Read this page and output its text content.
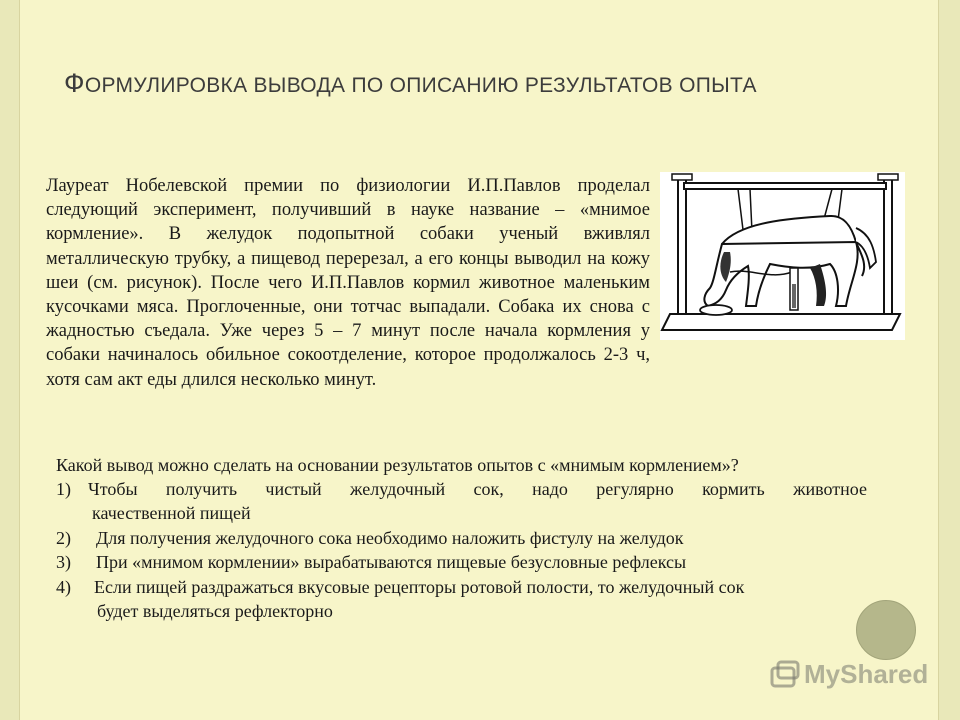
ФОРМУЛИРОВКА ВЫВОДА ПО ОПИСАНИЮ РЕЗУЛЬТАТОВ ОПЫТА
Лауреат Нобелевской премии по физиологии И.П.Павлов проделал следующий эксперимент, получивший в науке название – «мнимое кормление». В желудок подопытной собаки ученый вживлял металлическую трубку, а пищевод перерезал, а его концы выводил на кожу шеи (см. рисунок). После чего И.П.Павлов кормил животное маленьким кусочками мяса. Проглоченные, они тотчас выпадали. Собака их снова с жадностью съедала. Уже через 5 – 7 минут после начала кормления у собаки начиналось обильное сокоотделение, которое продолжалось 2-3 ч, хотя сам акт еды длился несколько минут.
Какой вывод можно сделать на основании результатов опытов с «мнимым кормлением»?
1) Чтобы получить чистый желудочный сок, надо регулярно кормить животное
качественной пищей
2) Для получения желудочного сока необходимо наложить фистулу на желудок
3) При «мнимом кормлении» вырабатываются пищевые безусловные рефлексы
4) Если пищей раздражаться вкусовые рецепторы ротовой полости, то желудочный сок
будет выделяться рефлекторно
MyShared
